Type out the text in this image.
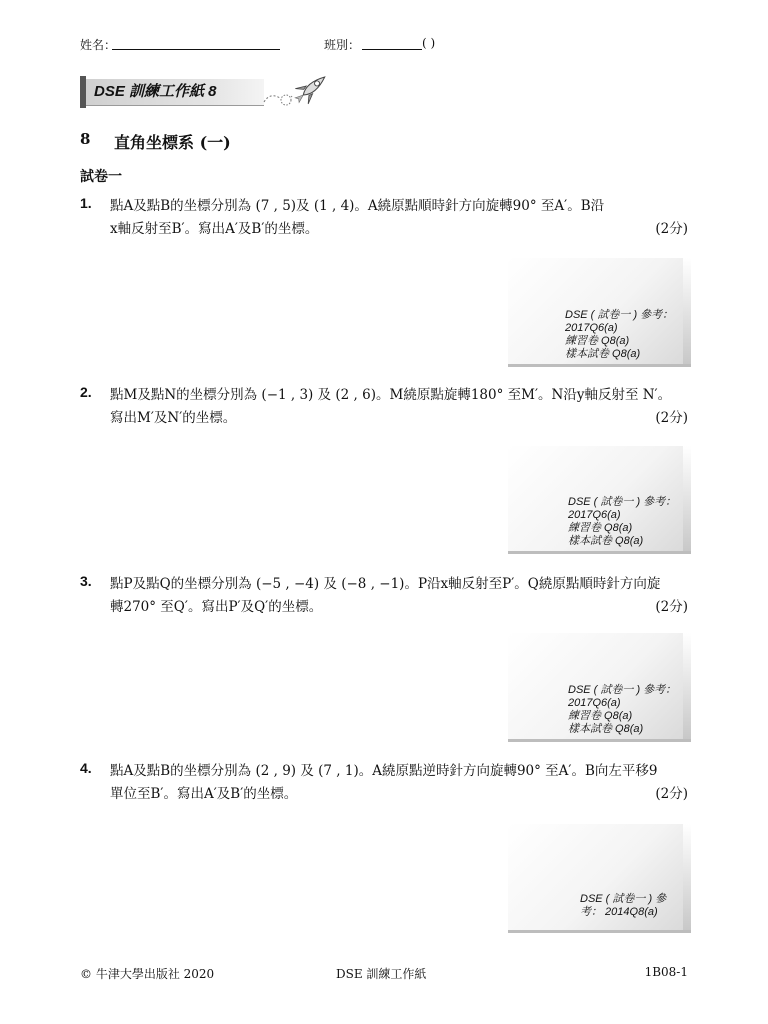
姓名：	班別：	( )
DSE 訓練工作紙 8
8 直角坐標系 (一)
試卷一
1. 點A及點B的坐標分別為 (7 , 5)及 (1 , 4)。A繞原點順時針方向旋轉90° 至A′。B沿
x軸反射至B′。寫出A′及B′的坐標。	(2分)
DSE ( 試卷一 ) 參考：
2017Q6(a)
練習卷 Q8(a)
樣本試卷 Q8(a)
2. 點M及點N的坐標分別為 (−1 , 3) 及 (2 , 6)。M繞原點旋轉180° 至M′。N沿y軸反射至 N′。
寫出M′及N′的坐標。	(2分)
DSE ( 試卷一 ) 參考：
2017Q6(a)
練習卷 Q8(a)
樣本試卷 Q8(a)
3. 點P及點Q的坐標分別為 (−5 , −4) 及 (−8 , −1)。P沿x軸反射至P′。Q繞原點順時針方向旋
轉270° 至Q′。寫出P′及Q′的坐標。	(2分)
DSE ( 試卷一 ) 參考：
2017Q6(a)
練習卷 Q8(a)
樣本試卷 Q8(a)
4. 點A及點B的坐標分別為 (2 , 9) 及 (7 , 1)。A繞原點逆時針方向旋轉90° 至A′。B向左平移9
單位至B′。寫出A′及B′的坐標。	(2分)
DSE ( 試卷一 ) 參
考： 2014Q8(a)
© 牛津大學出版社 2020	DSE 訓練工作紙	1B08-1
